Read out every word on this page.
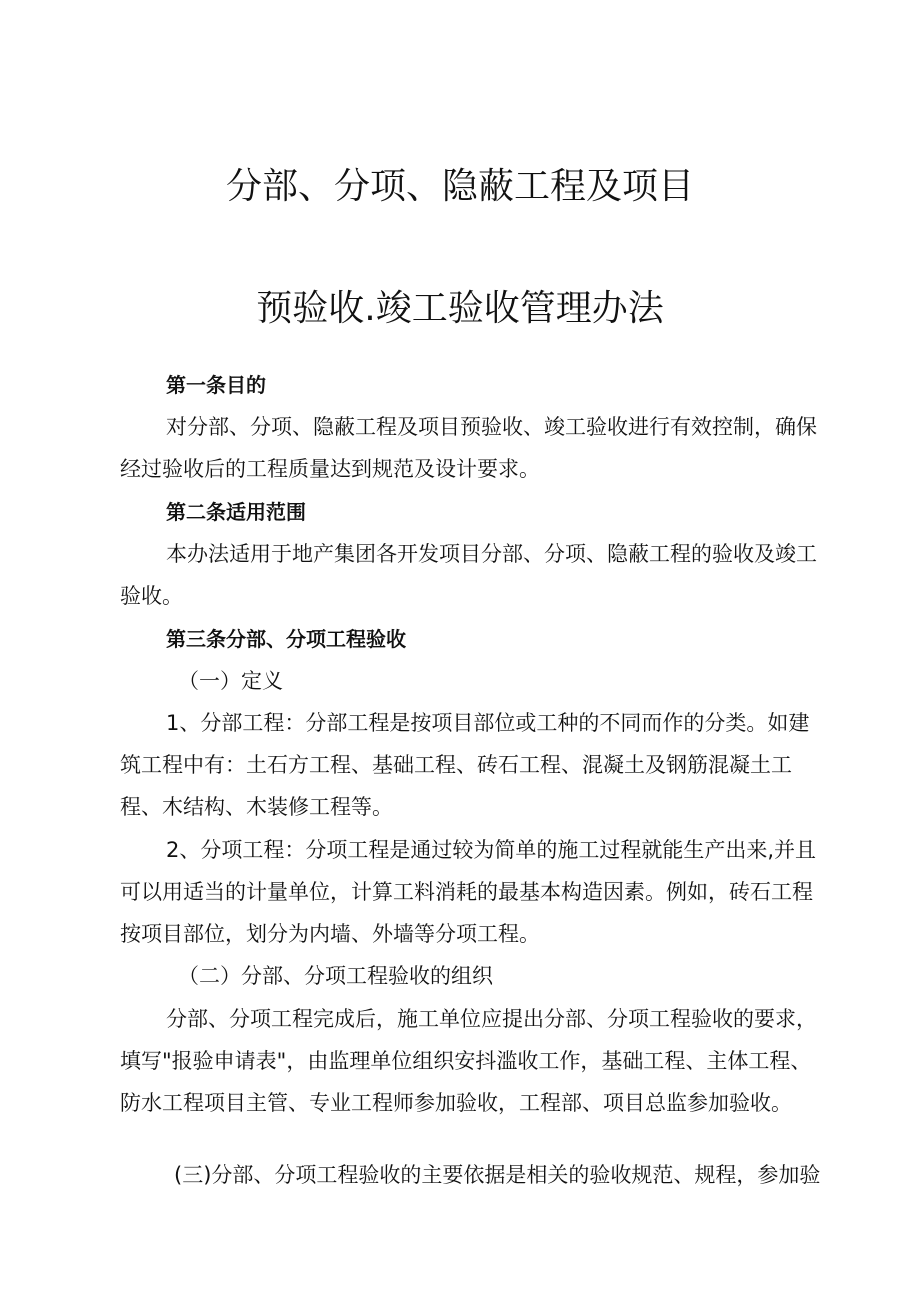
分部、分项、隐蔽工程及项目
预验收.竣工验收管理办法
第一条目的
对分部、分项、隐蔽工程及项目预验收、竣工验收进行有效控制，确保
经过验收后的工程质量达到规范及设计要求。
第二条适用范围
本办法适用于地产集团各开发项目分部、分项、隐蔽工程的验收及竣工
验收。
第三条分部、分项工程验收
（一）定义
1、分部工程：分部工程是按项目部位或工种的不同而作的分类。如建
筑工程中有：土石方工程、基础工程、砖石工程、混凝土及钢筋混凝土工
程、木结构、木装修工程等。
2、分项工程：分项工程是通过较为简单的施工过程就能生产出来,并且
可以用适当的计量单位，计算工料消耗的最基本构造因素。例如，砖石工程
按项目部位，划分为内墙、外墙等分项工程。
（二）分部、分项工程验收的组织
分部、分项工程完成后，施工单位应提出分部、分项工程验收的要求，
填写"报验申请表"，由监理单位组织安抖滥收工作，基础工程、主体工程、
防水工程项目主管、专业工程师参加验收，工程部、项目总监参加验收。
(三)分部、分项工程验收的主要依据是相关的验收规范、规程，参加验
